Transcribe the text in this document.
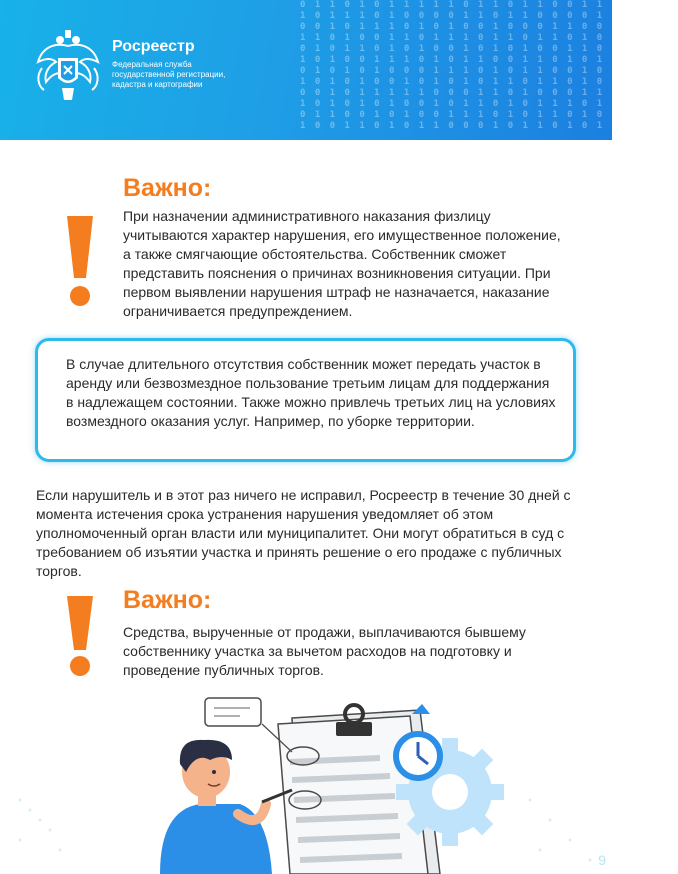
0 1 1 0 1 0 1 1 1 1 1 0 1 1 0 1 1 0 0 1 1 1 0 0 1 1
1 0 1 1 1 0 1 0 0 0 0 1 1 0 1 1 0 0 0 0 1 0 1 1 0 1
0 0 1 0 1 1 1 0 1 0 1 0 0 1 0 0 0 1 1 0 0 0 1 0 1 1
1 1 0 1 0 0 1 1 0 1 1 1 0 1 1 0 1 1 0 1 0 1 1 0 0 1
0 1 0 1 1 0 1 0 1 0 0 1 0 1 0 1 0 0 1 1 0 1 0 0 1 1
1 0 1 0 0 1 1 1 0 1 0 1 1 0 0 1 1 0 1 0 1 0 1 1 0 0
0 1 0 1 0 1 0 0 0 1 1 1 0 1 0 1 1 0 0 1 0 0 1 1 0 1
1 0 1 0 1 0 0 1 0 1 0 1 0 1 1 0 1 1 0 1 0 0 1 1 1 0
0 0 1 0 1 1 1 1 1 0 0 0 1 1 0 1 0 0 0 1 1 1 0 0 1 0
1 0 1 0 1 0 1 0 0 1 0 1 1 0 1 0 1 1 1 0 1 0 1 0 0 1
0 1 1 0 0 1 0 1 0 0 1 1 1 0 1 0 1 1 0 1 0 0 1 0 1 1
1 0 0 1 1 0 1 0 1 1 0 0 0 1 0 1 1 0 1 0 1 0 0 0 1 0
Росреестр
Федеральная служба
государственной регистрации,
кадастра и картографии
Важно:
При назначении административного наказания физлицу учитываются характер нарушения, его имущественное положение, а также смягчающие обстоятельства. Собственник сможет представить пояснения о причинах возникновения ситуации. При первом выявлении нарушения штраф не назначается, наказание ограничивается предупреждением.
В случае длительного отсутствия собственник может передать участок в аренду или безвозмездное пользование третьим лицам для поддержания в надлежащем состоянии. Также можно привлечь третьих лиц на условиях возмездного оказания услуг. Например, по уборке территории.
Если нарушитель и в этот раз ничего не исправил, Росреестр в течение 30 дней с момента истечения срока устранения нарушения уведомляет об этом уполномоченный орган власти или муниципалитет. Они могут обратиться в суд с требованием об изъятии участка и принять решение о его продаже с публичных торгов.
Важно:
Средства, вырученные от продажи, выплачиваются бывшему собственнику участка за вычетом расходов на подготовку и проведение публичных торгов.
9
